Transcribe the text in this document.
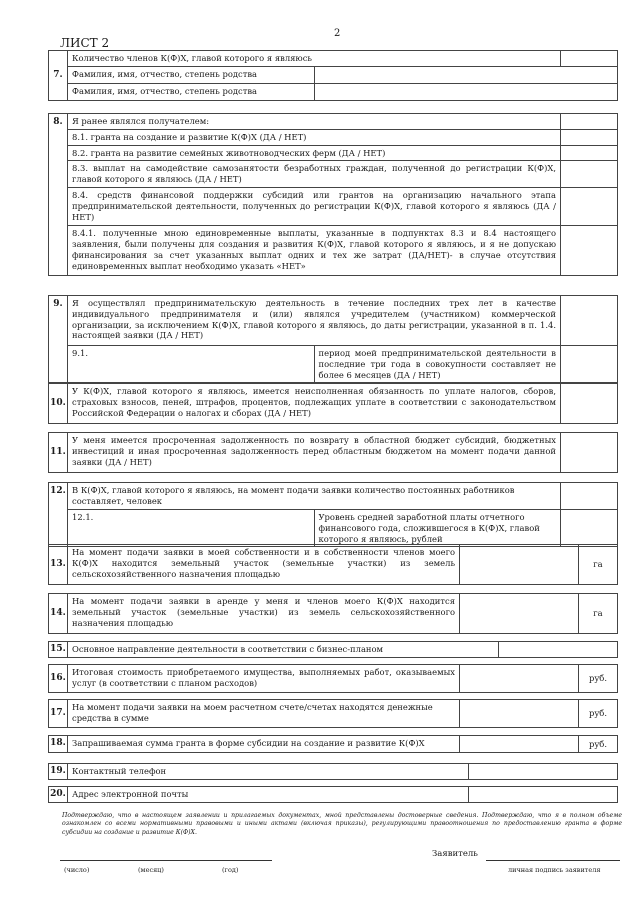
2
ЛИСТ 2
7.	Количество членов К(Ф)Х, главой которого я являюсь		
	Фамилия, имя, отчество, степень родства		
	Фамилия, имя, отчество, степень родства		
8.	Я ранее являлся получателем:	
	8.1. гранта на создание и развитие К(Ф)Х (ДА / НЕТ)	
	8.2. гранта на развитие семейных животноводческих ферм (ДА / НЕТ)	
	8.3. выплат на самодействие самозанятости безработных граждан, полученной до регистрации К(Ф)Х, главой которого я являюсь (ДА / НЕТ)	
	8.4. средств финансовой поддержки субсидий или грантов на организацию начального этапа предпринимательской деятельности, полученных до регистрации К(Ф)Х, главой которого я являюсь (ДА / НЕТ)	
	8.4.1. полученные мною единовременные выплаты, указанные в подпунктах 8.3 и 8.4 настоящего заявления, были получены для создания и развития К(Ф)Х, главой которого я являюсь, и я не допускаю финансирования за счет указанных выплат одних и тех же затрат (ДА/НЕТ)- в случае отсутствия единовременных выплат необходимо указать «НЕТ»	
9.	Я осуществлял предпринимательскую деятельность в течение последних трех лет в качестве индивидуального предпринимателя и (или) являлся учредителем (участником) коммерческой организации, за исключением К(Ф)Х, главой которого я являюсь, до даты регистрации, указанной в п. 1.4. настоящей заявки (ДА / НЕТ)		
	9.1.	период моей предпринимательской деятельности в последние три года в совокупности составляет не более 6 месяцев (ДА / НЕТ)	
10.	У К(Ф)Х, главой которого я являюсь, имеется неисполненная обязанность по уплате налогов, сборов, страховых взносов, пеней, штрафов, процентов, подлежащих уплате в соответствии с законодательством Российской Федерации о налогах и сборах (ДА / НЕТ)	
11.	У меня имеется просроченная задолженность по возврату в областной бюджет субсидий, бюджетных инвестиций и иная просроченная задолженность перед областным бюджетом на момент подачи данной заявки (ДА / НЕТ)	
12.	В К(Ф)Х, главой которого я являюсь, на момент подачи заявки количество постоянных работников составляет, человек		
	12.1.	Уровень средней заработной платы отчетного финансового года, сложившегося в К(Ф)Х, главой которого я являюсь, рублей	
13.	На момент подачи заявки в моей собственности и в собственности членов моего К(Ф)Х находится земельный участок (земельные участки) из земель сельскохозяйственного назначения площадью		га
14.	На момент подачи заявки в аренде у меня и членов моего К(Ф)Х находится земельный участок (земельные участки) из земель сельскохозяйственного назначения площадью		га
15.	Основное направление деятельности в соответствии с бизнес-планом	
16.	Итоговая стоимость приобретаемого имущества, выполняемых работ, оказываемых услуг (в соответствии с планом расходов)		руб.
17.	На момент подачи заявки на моем расчетном счете/счетах находятся денежные средства в сумме		руб.
18.	Запрашиваемая сумма гранта в форме субсидии на создание и развитие К(Ф)Х		руб.
19.	Контактный телефон	
20.	Адрес электронной почты	
Подтверждаю, что в настоящем заявлении и прилагаемых документах, мной представлены достоверные сведения. Подтверждаю, что я в полном объеме ознакомлен со всеми нормативными правовыми и иными актами (включая приказы), регулирующими правоотношения по предоставлению гранта в форме субсидии на создание и развитие К(Ф)Х.
Заявитель
(число)	(месяц)	(год)	личная подпись заявителя
